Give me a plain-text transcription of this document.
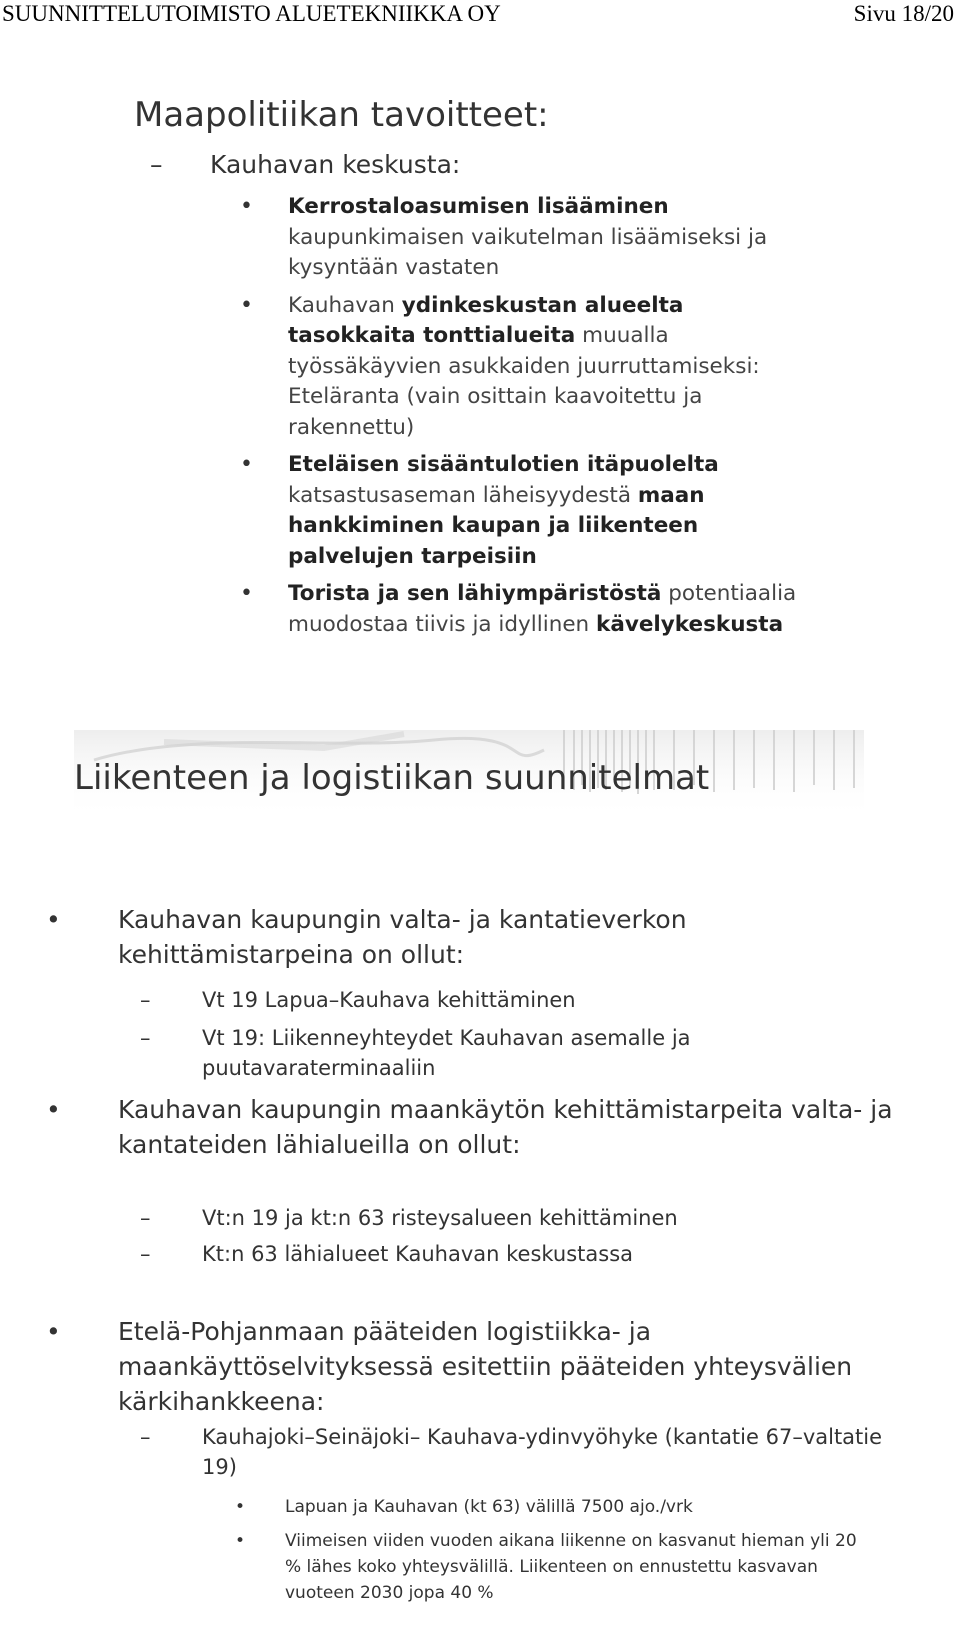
SUUNNITTELUTOIMISTO ALUETEKNIIKKA OY	Sivu 18/20
Maapolitiikan tavoitteet:
– Kauhavan keskusta:
• Kerrostaloasumisen lisääminen kaupunkimaisen vaikutelman lisäämiseksi ja kysyntään vastaten
• Kauhavan ydinkeskustan alueelta tasokkaita tonttialueita muualla työssäkäyvien asukkaiden juurruttamiseksi: Eteläranta (vain osittain kaavoitettu ja rakennettu)
• Eteläisen sisääntulotien itäpuolelta katsastusaseman läheisyydestä maan hankkiminen kaupan ja liikenteen palvelujen tarpeisiin
• Torista ja sen lähiympäristöstä potentiaalia muodostaa tiivis ja idyllinen kävelykeskusta
Liikenteen ja logistiikan suunnitelmat
• Kauhavan kaupungin valta- ja kantatieverkon kehittämistarpeina on ollut:
– Vt 19 Lapua–Kauhava kehittäminen
– Vt 19: Liikenneyhteydet Kauhavan asemalle ja puutavaraterminaaliin
• Kauhavan kaupungin maankäytön kehittämistarpeita valta- ja kantateiden lähialueilla on ollut:
– Vt:n 19 ja kt:n 63 risteysalueen kehittäminen
– Kt:n 63 lähialueet Kauhavan keskustassa
• Etelä-Pohjanmaan pääteiden logistiikka- ja maankäyttöselvityksessä esitettiin pääteiden yhteysvälien kärkihankkeena:
– Kauhajoki–Seinäjoki– Kauhava-ydinvyöhyke (kantatie 67–valtatie 19)
• Lapuan ja Kauhavan (kt 63) välillä 7500 ajo./vrk
• Viimeisen viiden vuoden aikana liikenne on kasvanut hieman yli 20 % lähes koko yhteysvälillä. Liikenteen on ennustettu kasvavan vuoteen 2030 jopa 40 %
